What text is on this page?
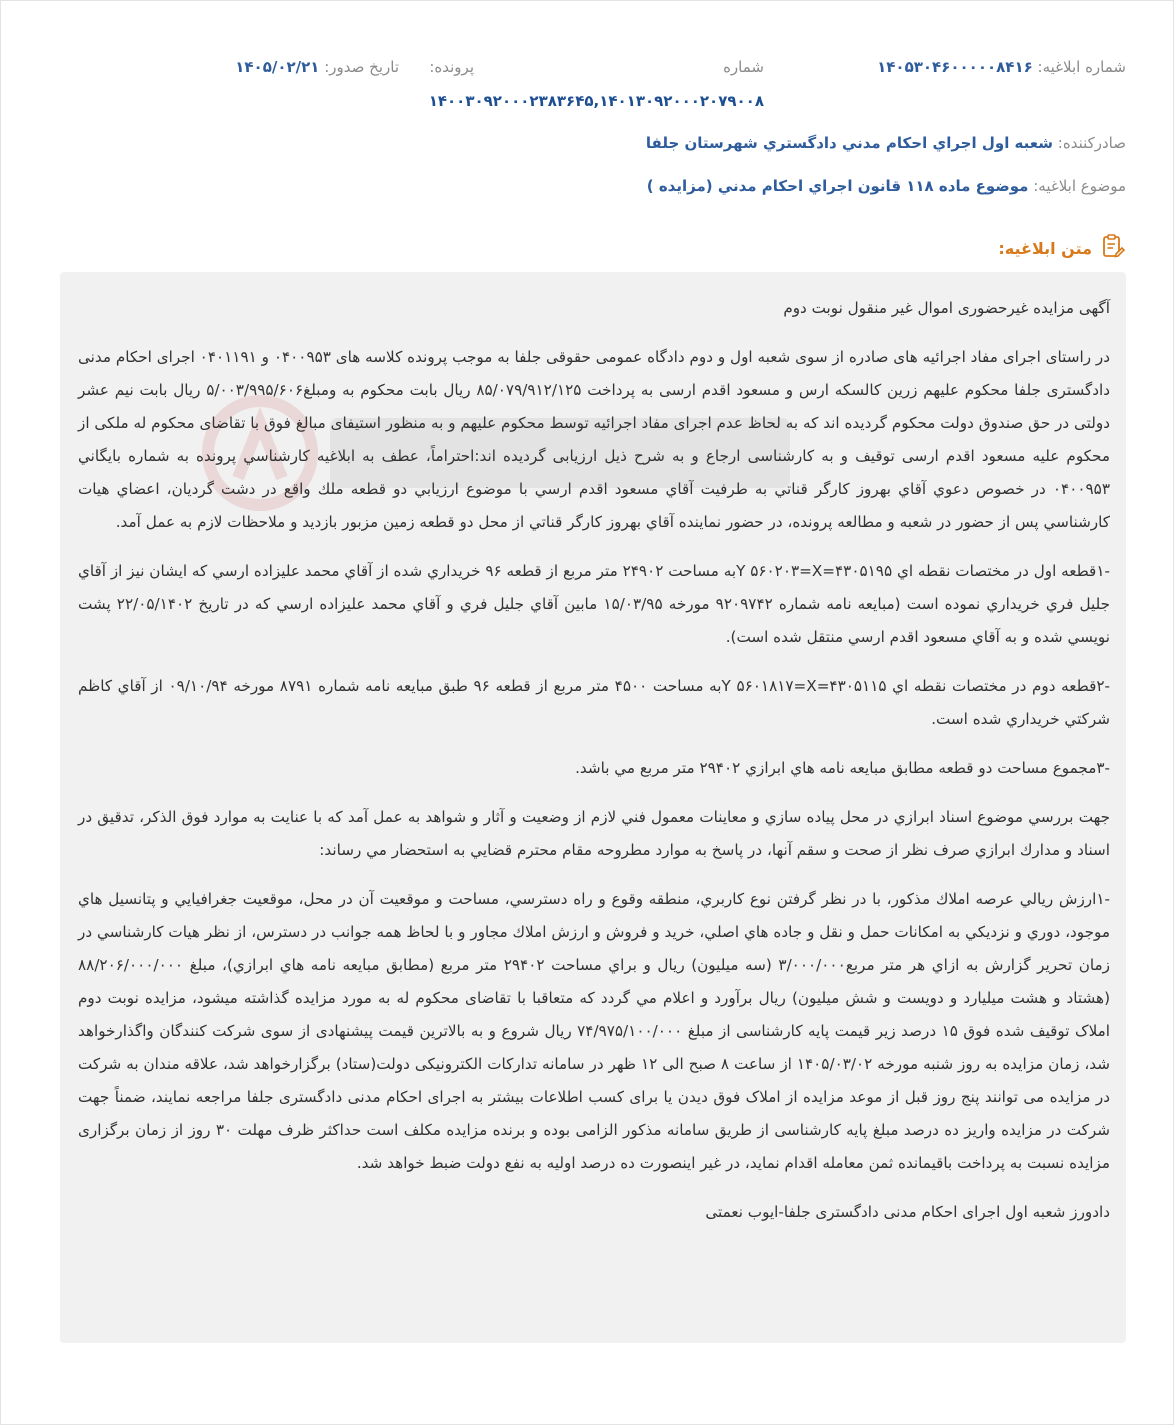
شماره ابلاغيه: ۱۴۰۵۳۰۴۶۰۰۰۰۰۸۴۱۶
شماره
پرونده:
تاريخ صدور: ۱۴۰۵/۰۲/۲۱
۱۴۰۰۳۰۹۲۰۰۰۲۳۸۳۶۴۵,۱۴۰۱۳۰۹۲۰۰۰۲۰۷۹۰۰۸
صادرکننده: شعبه اول اجراي احكام مدني دادگستري شهرستان جلفا
موضوع ابلاغيه: موضوع ماده ۱۱۸ قانون اجراي احكام مدني (مزايده )
متن ابلاغيه:

آگهی مزایده غیرحضوری اموال غیر منقول نوبت دوم

در راستای اجرای مفاد اجرائیه های صادره از سوی شعبه اول و دوم دادگاه عمومی حقوقی جلفا به موجب پرونده کلاسه های ۰۴۰۰۹۵۳ و ۰۴۰۱۱۹۱ اجرای احکام مدنی دادگستری جلفا محکوم علیهم زرین کالسکه ارس و مسعود اقدم ارسی به پرداخت ۸۵/۰۷۹/۹۱۲/۱۲۵ ریال بابت محکوم به ومبلغ۵/۰۰۳/۹۹۵/۶۰۶ ریال بابت نیم عشر دولتی در حق صندوق دولت محکوم گردیده اند که به لحاظ عدم اجرای مفاد اجرائیه توسط محکوم علیهم و به منظور استیفای مبالغ فوق با تقاضای محکوم له ملکی از محکوم علیه مسعود اقدم ارسی توقیف و به کارشناسی ارجاع و به شرح ذیل ارزیابی گردیده اند:احتراماً، عطف به ابلاغيه كارشناسي پرونده به شماره بايگاني ۰۴۰۰۹۵۳ در خصوص دعوي آقاي بهروز كارگر قناتي به طرفيت آقاي مسعود اقدم ارسي با موضوع ارزيابي دو قطعه ملك واقع در دشت گرديان، اعضاي هيات كارشناسي پس از حضور در شعبه و مطالعه پرونده، در حضور نماينده آقاي بهروز كارگر قناتي از محل دو قطعه زمين مزبور بازديد و ملاحظات لازم به عمل آمد.

-۱قطعه اول در مختصات نقطه اي ۴۳۰۵۱۹۵=Y ۵۶۰۲۰۳=Xبه مساحت ۲۴۹۰۲ متر مربع از قطعه ۹۶ خريداري شده از آقاي محمد عليزاده ارسي كه ايشان نيز از آقاي جليل فري خريداري نموده است (مبايعه نامه شماره ۹۲۰۹۷۴۲ مورخه ۱۵/۰۳/۹۵ مابين آقاي جليل فري و آقاي محمد عليزاده ارسي كه در تاريخ ۲۲/۰۵/۱۴۰۲ پشت نويسي شده و به آقاي مسعود اقدم ارسي منتقل شده است).

-۲قطعه دوم در مختصات نقطه اي ۴۳۰۵۱۱۵=Y ۵۶۰۱۸۱۷=Xبه مساحت ۴۵۰۰ متر مربع از قطعه ۹۶ طبق مبايعه نامه شماره ۸۷۹۱ مورخه ۰۹/۱۰/۹۴ از آقاي كاظم شركتي خريداري شده است.

-۳مجموع مساحت دو قطعه مطابق مبايعه نامه هاي ابرازي ۲۹۴۰۲ متر مربع مي باشد.

جهت بررسي موضوع اسناد ابرازي در محل پياده سازي و معاينات معمول فني لازم از وضعيت و آثار و شواهد به عمل آمد كه با عنايت به موارد فوق الذكر، تدقيق در اسناد و مدارك ابرازي صرف نظر از صحت و سقم آنها، در پاسخ به موارد مطروحه مقام محترم قضايي به استحضار مي رساند:

-۱ارزش ريالي عرصه املاك مذكور، با در نظر گرفتن نوع كاربري، منطقه وقوع و راه دسترسي، مساحت و موقعيت آن در محل، موقعيت جغرافيايي و پتانسيل هاي موجود، دوري و نزديكي به امكانات حمل و نقل و جاده هاي اصلي، خريد و فروش و ارزش املاك مجاور و با لحاظ همه جوانب در دسترس، از نظر هيات كارشناسي در زمان تحرير گزارش به ازاي هر متر مربع۳/۰۰۰/۰۰۰ (سه ميليون) ريال و براي مساحت ۲۹۴۰۲ متر مربع (مطابق مبايعه نامه هاي ابرازي)، مبلغ ۸۸/۲۰۶/۰۰۰/۰۰۰ (هشتاد و هشت ميليارد و دويست و شش ميليون) ريال برآورد و اعلام مي گردد که متعاقبا با تقاضای محکوم له به مورد مزایده گذاشته میشود، مزایده نوبت دوم املاک توقیف شده فوق ۱۵ درصد زیر قیمت پایه کارشناسی از مبلغ ۷۴/۹۷۵/۱۰۰/۰۰۰ ریال شروع و به بالاترین قیمت پیشنهادی از سوی شرکت کنندگان واگذارخواهد شد، زمان مزایده به روز شنبه مورخه ۱۴۰۵/۰۳/۰۲ از ساعت ۸ صبح الی ۱۲ ظهر در سامانه تدارکات الکترونیکی دولت(ستاد) برگزارخواهد شد، علاقه مندان به شرکت در مزایده می توانند پنج روز قبل از موعد مزایده از املاک فوق دیدن یا برای کسب اطلاعات بیشتر به اجرای احکام مدنی دادگستری جلفا مراجعه نمایند، ضمناً جهت شرکت در مزایده واریز ده درصد مبلغ پایه کارشناسی از طریق سامانه مذکور الزامی بوده و برنده مزایده مکلف است حداکثر ظرف مهلت ۳۰ روز از زمان برگزاری مزایده نسبت به پرداخت باقیمانده ثمن معامله اقدام نماید، در غیر اینصورت ده درصد اولیه به نفع دولت ضبط خواهد شد.

دادورز شعبه اول اجرای احکام مدنی دادگستری جلفا-ایوب نعمتی
